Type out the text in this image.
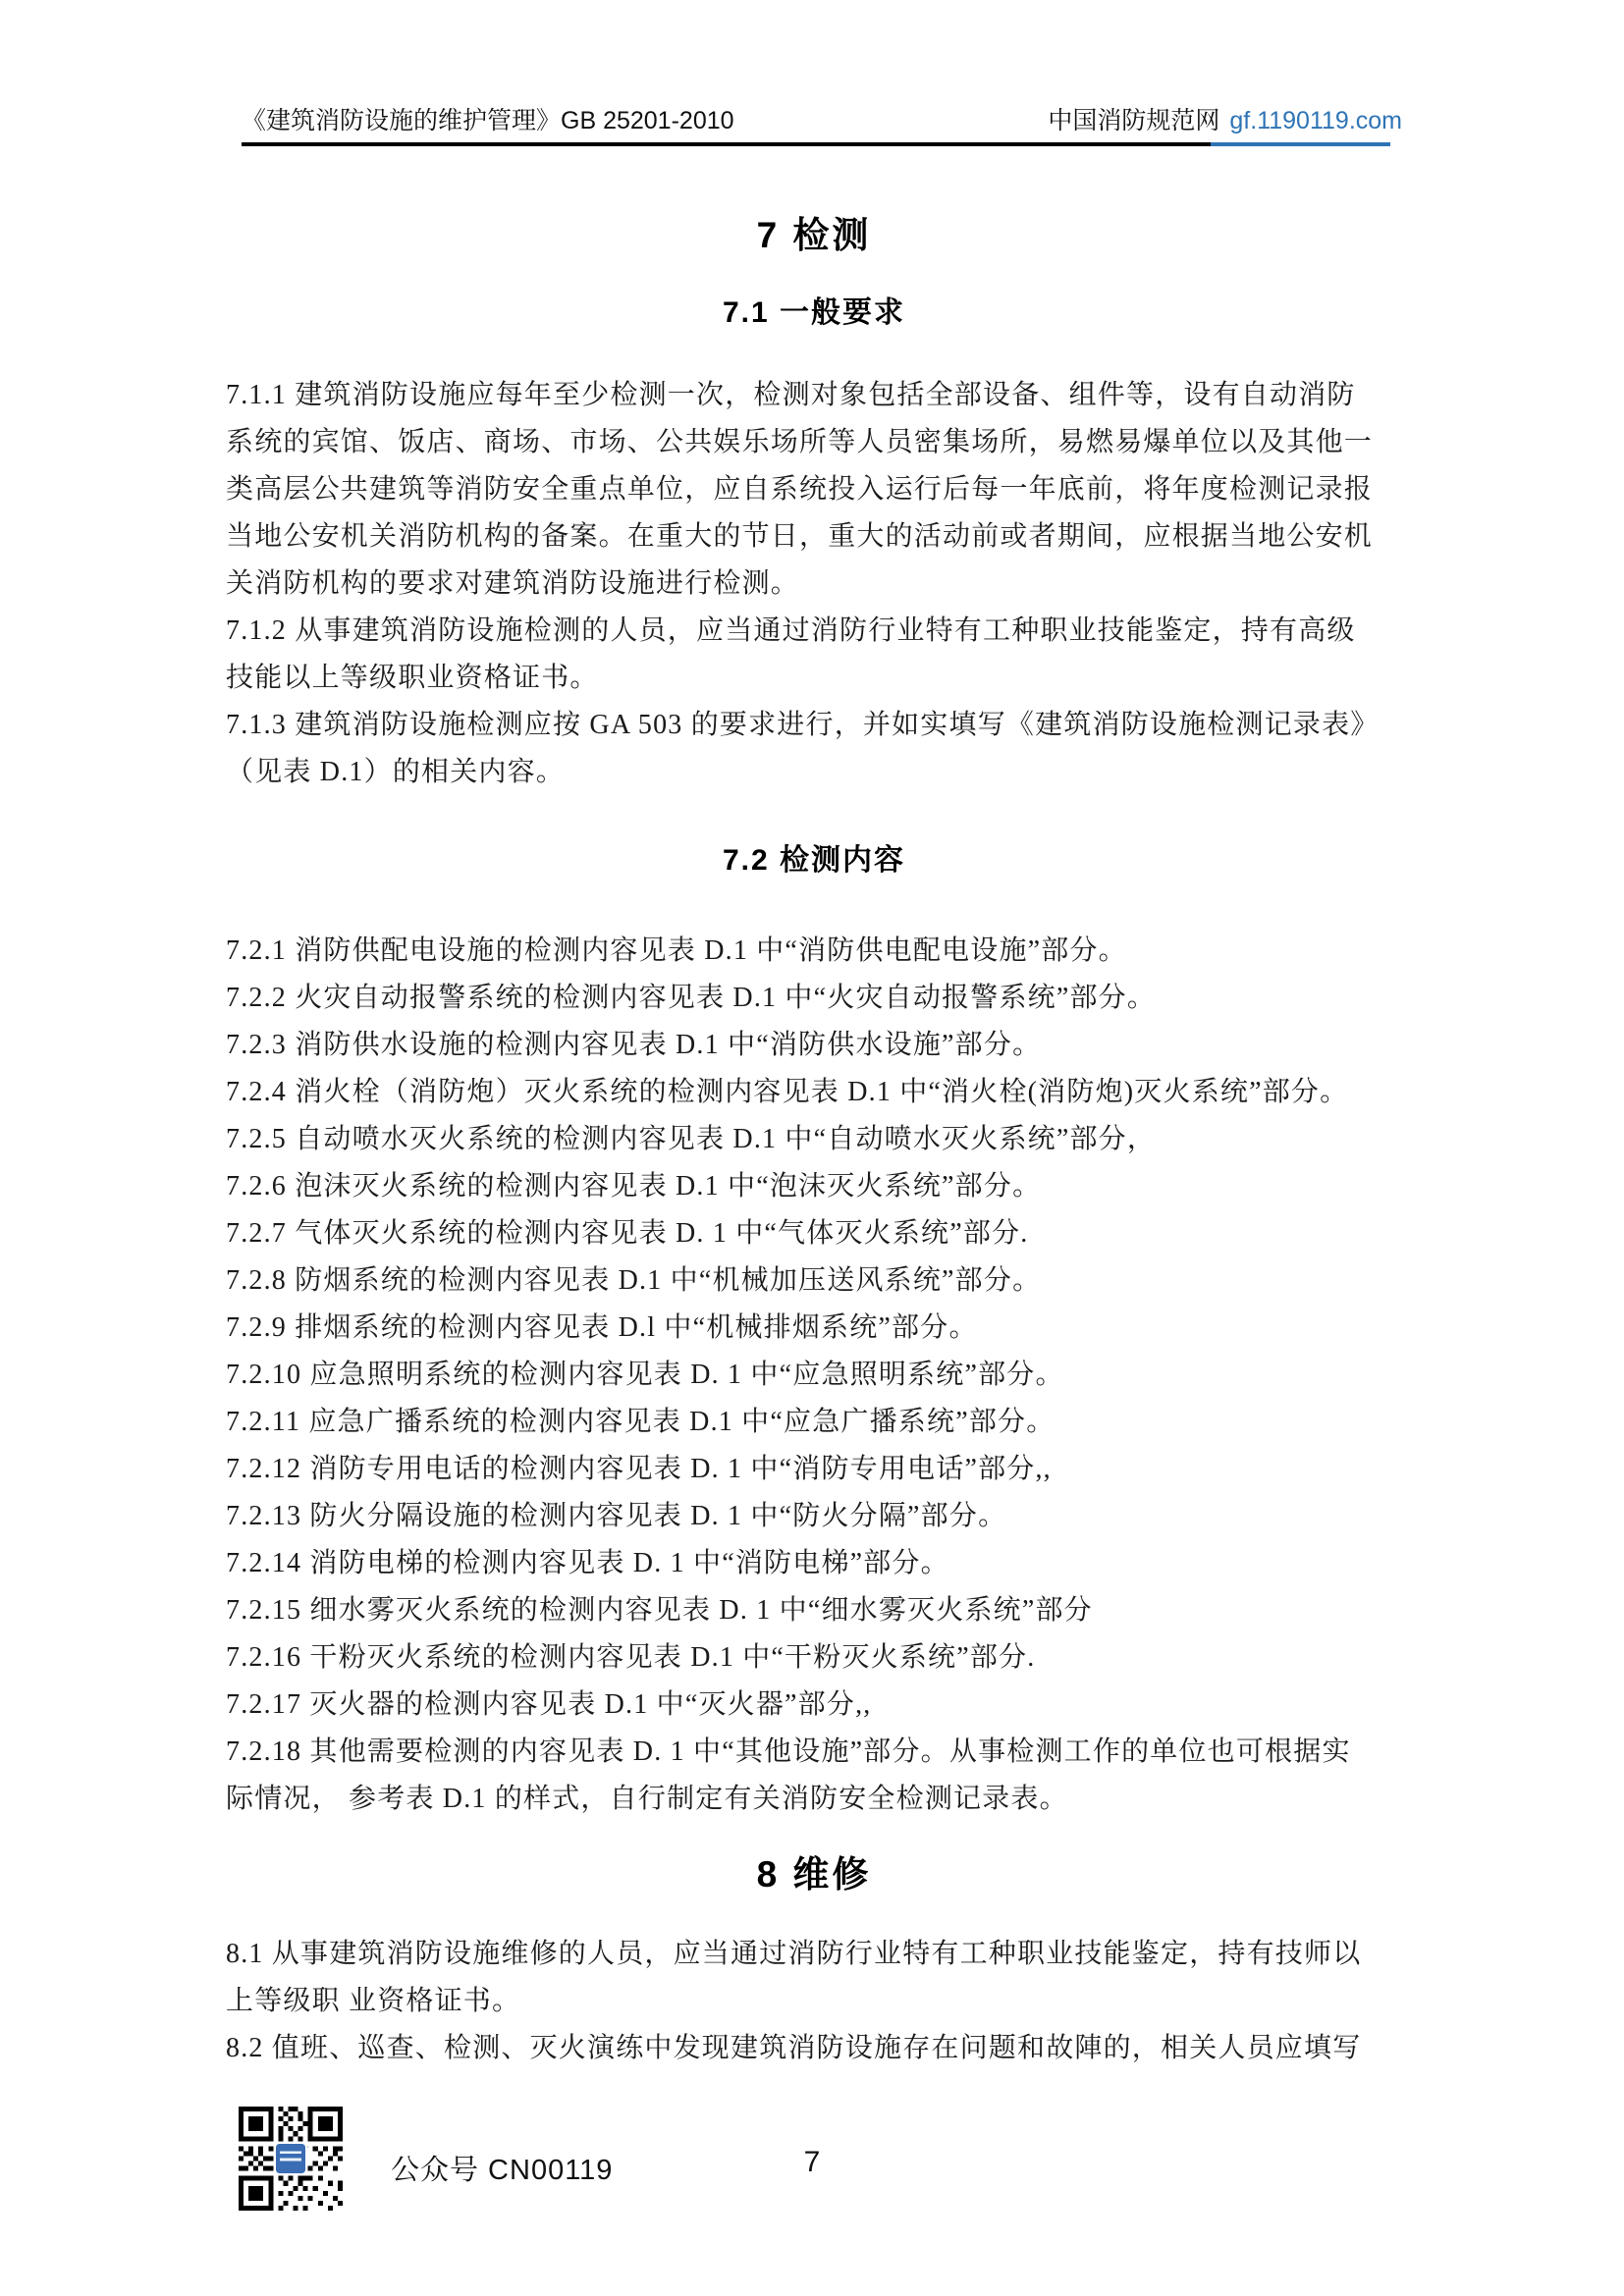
《建筑消防设施的维护管理》GB 25201-2010	中国消防规范网 gf.1190119.com
7 检测
7.1 一般要求
7.1.1 建筑消防设施应每年至少检测一次，检测对象包括全部设备、组件等，设有自动消防
系统的宾馆、饭店、商场、市场、公共娱乐场所等人员密集场所，易燃易爆单位以及其他一
类高层公共建筑等消防安全重点单位，应自系统投入运行后每一年底前，将年度检测记录报
当地公安机关消防机构的备案。在重大的节日，重大的活动前或者期间，应根据当地公安机
关消防机构的要求对建筑消防设施进行检测。
7.1.2 从事建筑消防设施检测的人员，应当通过消防行业特有工种职业技能鉴定，持有高级
技能以上等级职业资格证书。
7.1.3 建筑消防设施检测应按 GA 503 的要求进行，并如实填写《建筑消防设施检测记录表》
（见表 D.1）的相关内容。
7.2 检测内容
7.2.1 消防供配电设施的检测内容见表 D.1 中“消防供电配电设施”部分。
7.2.2 火灾自动报警系统的检测内容见表 D.1 中“火灾自动报警系统”部分。
7.2.3 消防供水设施的检测内容见表 D.1 中“消防供水设施”部分。
7.2.4 消火栓（消防炮）灭火系统的检测内容见表 D.1 中“消火栓(消防炮)灭火系统”部分。
7.2.5 自动喷水灭火系统的检测内容见表 D.1 中“自动喷水灭火系统”部分，
7.2.6 泡沫灭火系统的检测内容见表 D.1 中“泡沫灭火系统”部分。
7.2.7 气体灭火系统的检测内容见表 D. 1 中“气体灭火系统”部分.
7.2.8 防烟系统的检测内容见表 D.1 中“机械加压送风系统”部分。
7.2.9 排烟系统的检测内容见表 D.l 中“机械排烟系统”部分。
7.2.10 应急照明系统的检测内容见表 D. 1 中“应急照明系统”部分。
7.2.11 应急广播系统的检测内容见表 D.1 中“应急广播系统”部分。
7.2.12 消防专用电话的检测内容见表 D. 1 中“消防专用电话”部分,,
7.2.13 防火分隔设施的检测内容见表 D. 1 中“防火分隔”部分。
7.2.14 消防电梯的检测内容见表 D. 1 中“消防电梯”部分。
7.2.15 细水雾灭火系统的检测内容见表 D. 1 中“细水雾灭火系统”部分
7.2.16 干粉灭火系统的检测内容见表 D.1 中“干粉灭火系统”部分.
7.2.17 灭火器的检测内容见表 D.1 中“灭火器”部分,,
7.2.18 其他需要检测的内容见表 D. 1 中“其他设施”部分。从事检测工作的单位也可根据实
际情况， 参考表 D.1 的样式，自行制定有关消防安全检测记录表。
8 维修
8.1 从事建筑消防设施维修的人员，应当通过消防行业特有工种职业技能鉴定，持有技师以
上等级职 业资格证书。
8.2 值班、巡查、检测、灭火演练中发现建筑消防设施存在问题和故陣的，相关人员应填写
公众号 CN00119	7
